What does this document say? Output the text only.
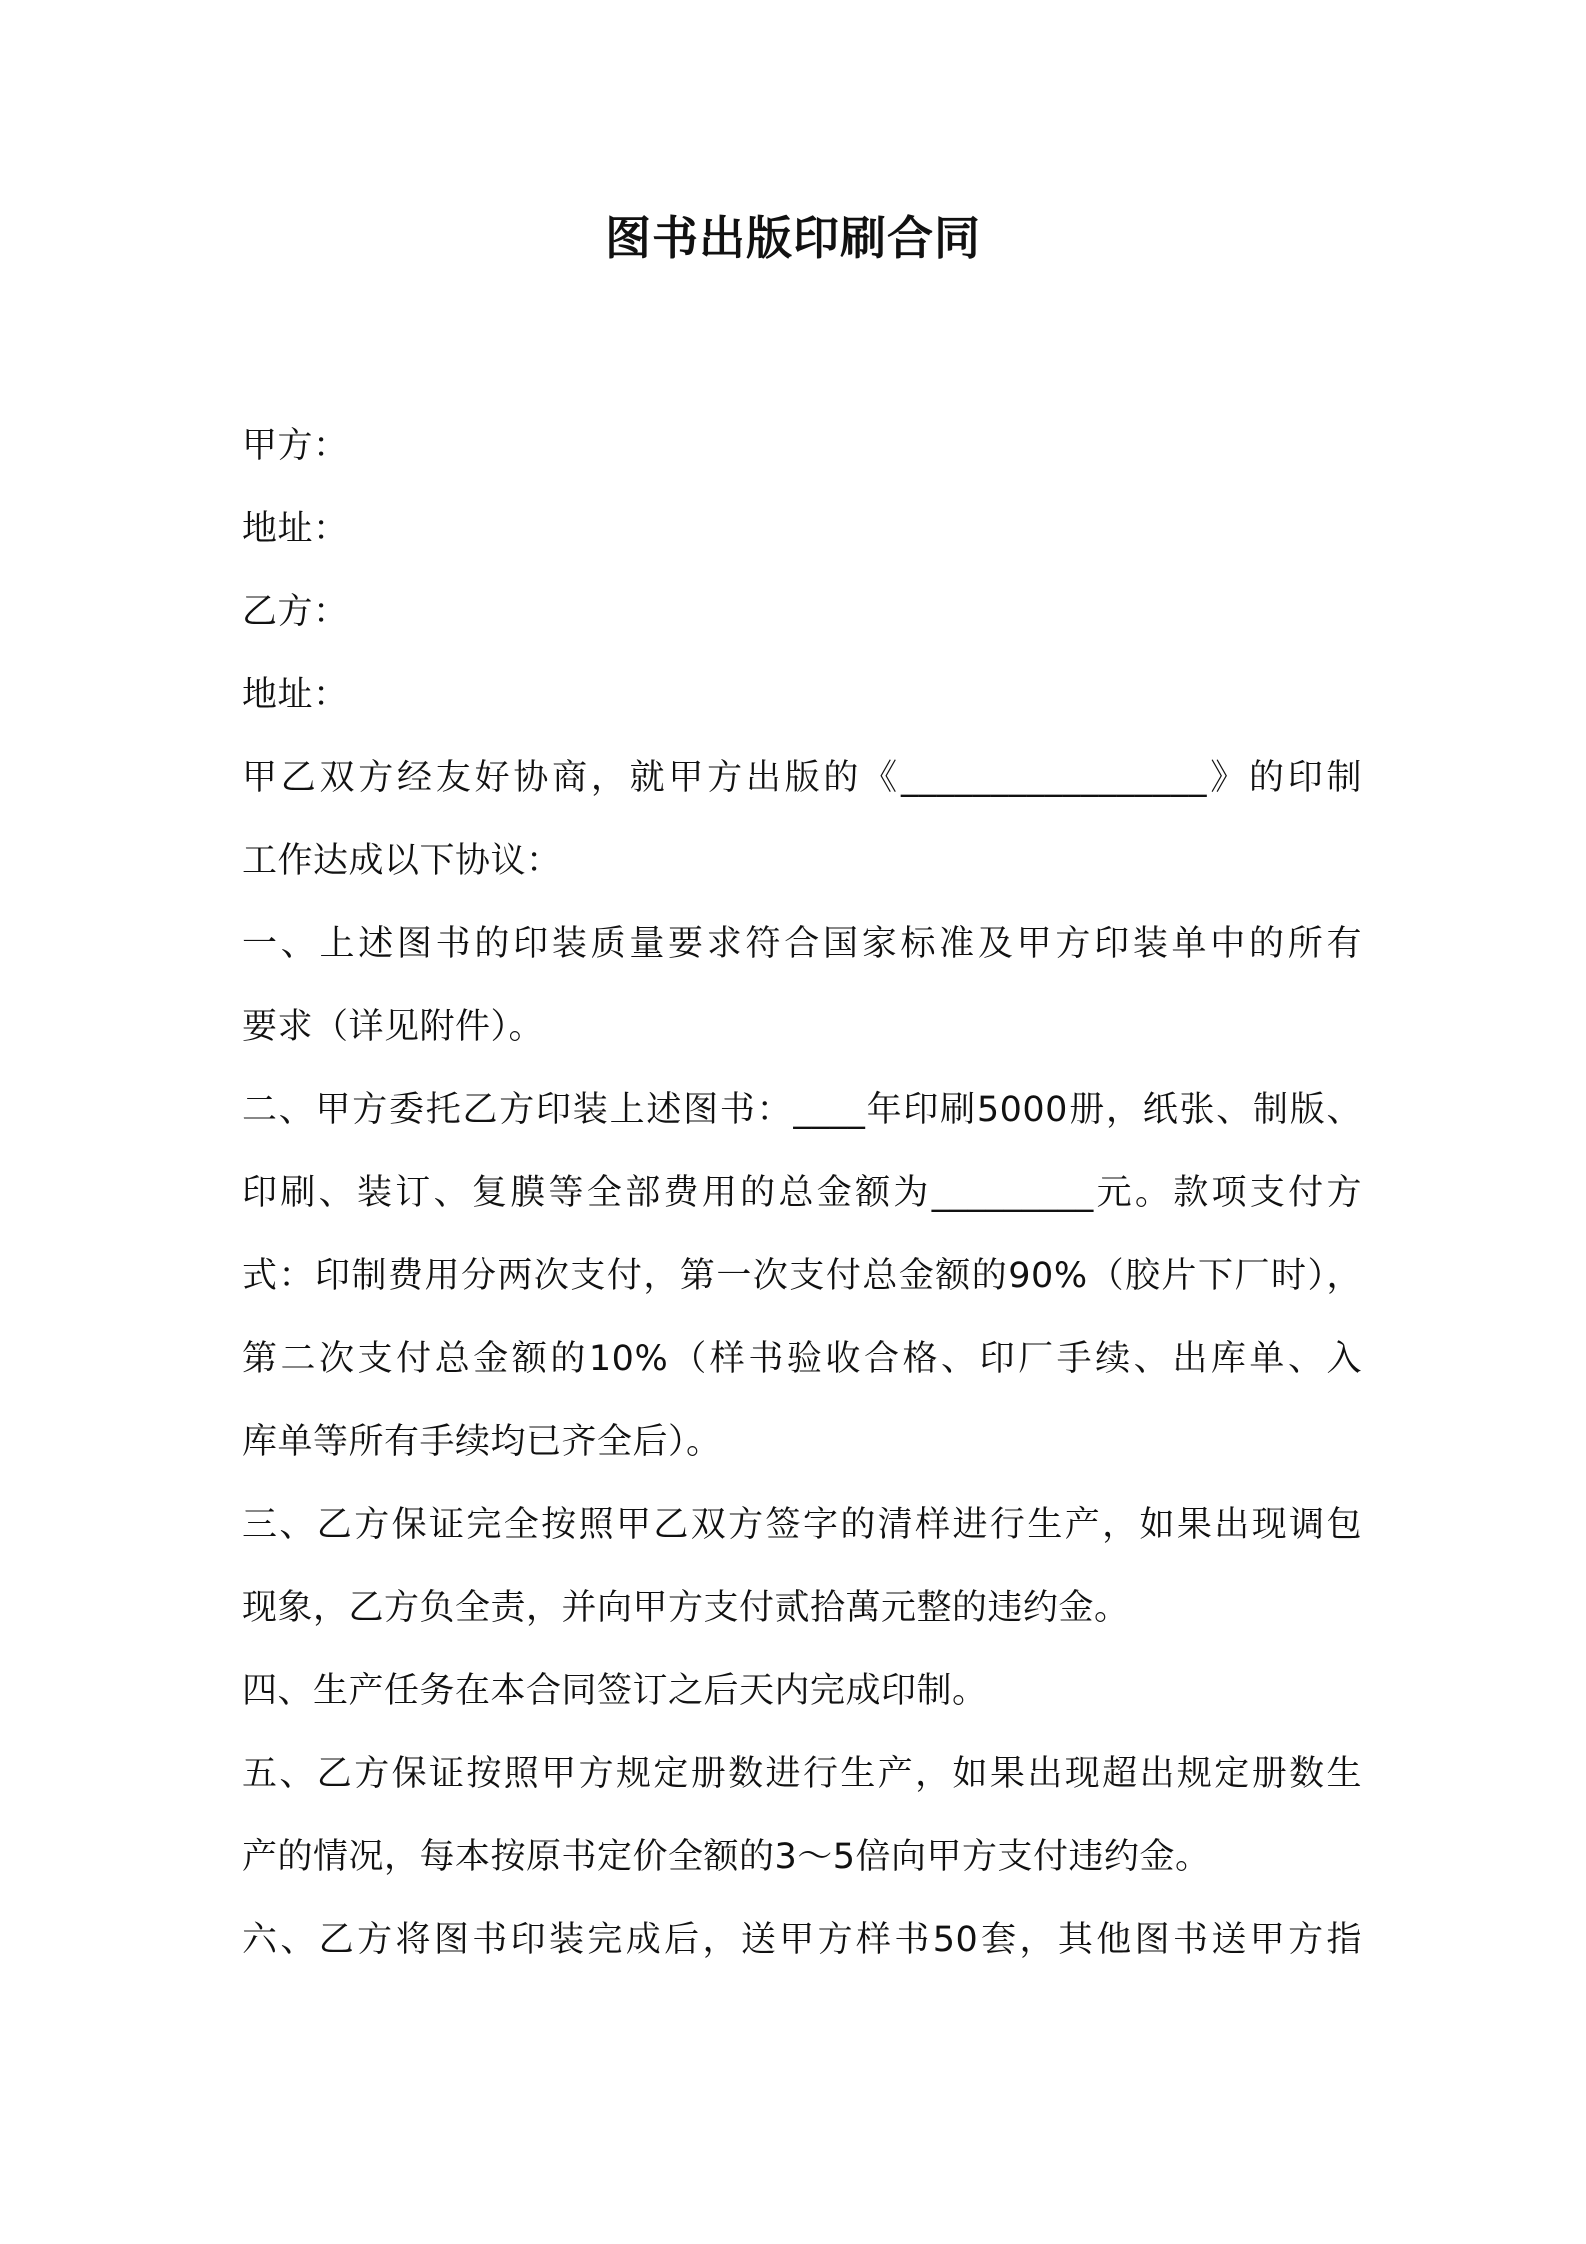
图书出版印刷合同
甲方：
地址：
乙方：
地址：
甲乙双方经友好协商，就甲方出版的《_________________》的印制
工作达成以下协议：
一、上述图书的印装质量要求符合国家标准及甲方印装单中的所有
要求（详见附件）。
二、甲方委托乙方印装上述图书：____年印刷5000册，纸张、制版、
印刷、装订、复膜等全部费用的总金额为_________元。款项支付方
式：印制费用分两次支付，第一次支付总金额的90%（胶片下厂时），
第二次支付总金额的10%（样书验收合格、印厂手续、出库单、入
库单等所有手续均已齐全后）。
三、乙方保证完全按照甲乙双方签字的清样进行生产，如果出现调包
现象，乙方负全责，并向甲方支付贰拾萬元整的违约金。
四、生产任务在本合同签订之后天内完成印制。
五、乙方保证按照甲方规定册数进行生产，如果出现超出规定册数生
产的情况，每本按原书定价全额的3～5倍向甲方支付违约金。
六、乙方将图书印装完成后，送甲方样书50套，其他图书送甲方指
